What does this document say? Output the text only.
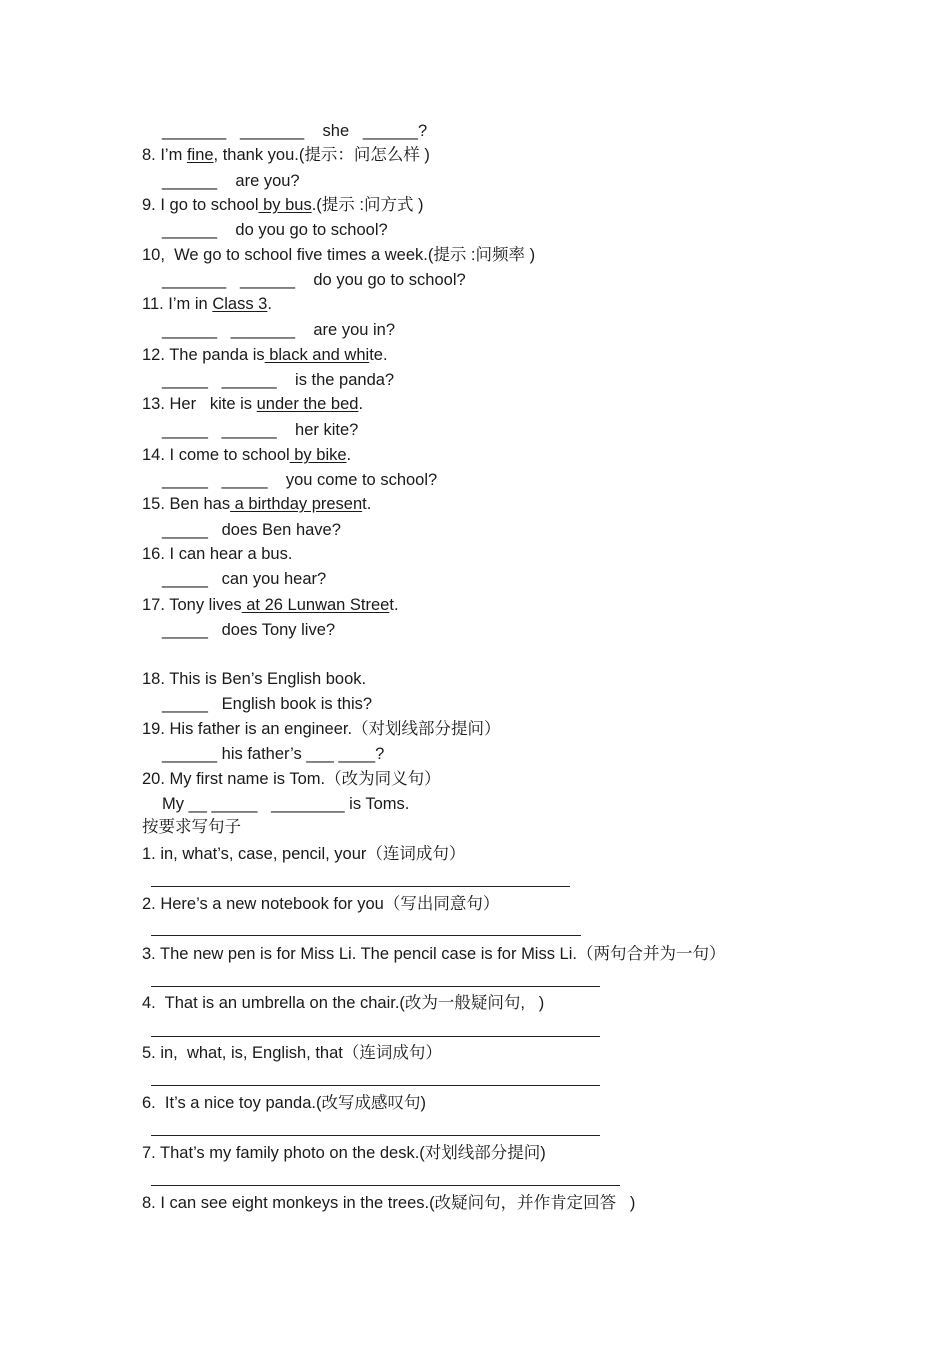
_______   _______    she   ______?
8. I’m fine, thank you.(提示：问怎么样 )
______    are you?
9. I go to school by bus.(提示 :问方式 )
______    do you go to school?
10,  We go to school five times a week.(提示 :问频率 )
_______   ______    do you go to school?
11. I’m in Class 3.
______   _______    are you in?
12. The panda is black and white.
_____   ______    is the panda?
13. Her   kite is under the bed.
_____   ______    her kite?
14. I come to school by bike.
_____   _____    you come to school?
15. Ben has a birthday present.
_____   does Ben have?
16. I can hear a bus.
_____   can you hear?
17. Tony lives at 26 Lunwan Street.
_____   does Tony live?
18. This is Ben’s English book.
_____   English book is this?
19. His father is an engineer.（对划线部分提问）
______ his father’s ___ ____?
20. My first name is Tom.（改为同义句）
My __ _____   ________ is Toms.
按要求写句子
1. in, what’s, case, pencil, your（连词成句）
2. Here’s a new notebook for you（写出同意句）
3. The new pen is for Miss Li. The pencil case is for Miss Li.（两句合并为一句）
4.  That is an umbrella on the chair.(改为一般疑问句,   )
5. in,  what, is, English, that（连词成句）
6.  It’s a nice toy panda.(改写成感叹句)
7. That’s my family photo on the desk.(对划线部分提问)
8. I can see eight monkeys in the trees.(改疑问句，并作肯定回答   )
